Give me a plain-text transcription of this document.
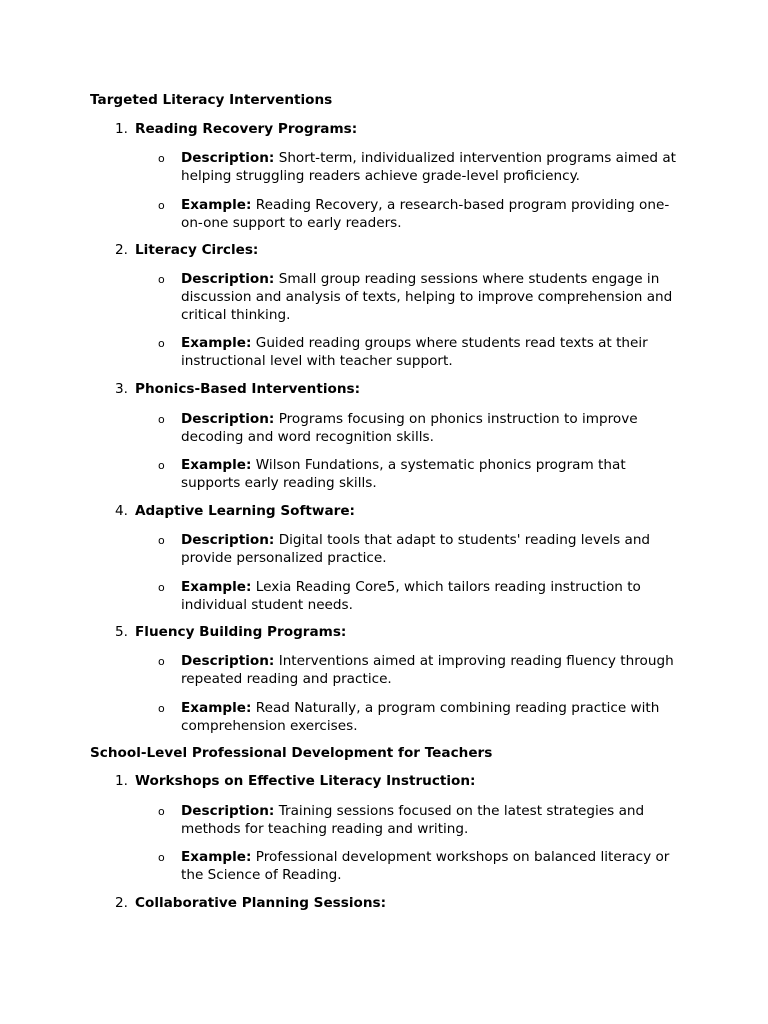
Targeted Literacy Interventions
1. Reading Recovery Programs:
o Description: Short-term, individualized intervention programs aimed at helping struggling readers achieve grade-level proficiency.
o Example: Reading Recovery, a research-based program providing one-on-one support to early readers.
2. Literacy Circles:
o Description: Small group reading sessions where students engage in discussion and analysis of texts, helping to improve comprehension and critical thinking.
o Example: Guided reading groups where students read texts at their instructional level with teacher support.
3. Phonics-Based Interventions:
o Description: Programs focusing on phonics instruction to improve decoding and word recognition skills.
o Example: Wilson Fundations, a systematic phonics program that supports early reading skills.
4. Adaptive Learning Software:
o Description: Digital tools that adapt to students' reading levels and provide personalized practice.
o Example: Lexia Reading Core5, which tailors reading instruction to individual student needs.
5. Fluency Building Programs:
o Description: Interventions aimed at improving reading fluency through repeated reading and practice.
o Example: Read Naturally, a program combining reading practice with comprehension exercises.
School-Level Professional Development for Teachers
1. Workshops on Effective Literacy Instruction:
o Description: Training sessions focused on the latest strategies and methods for teaching reading and writing.
o Example: Professional development workshops on balanced literacy or the Science of Reading.
2. Collaborative Planning Sessions:
